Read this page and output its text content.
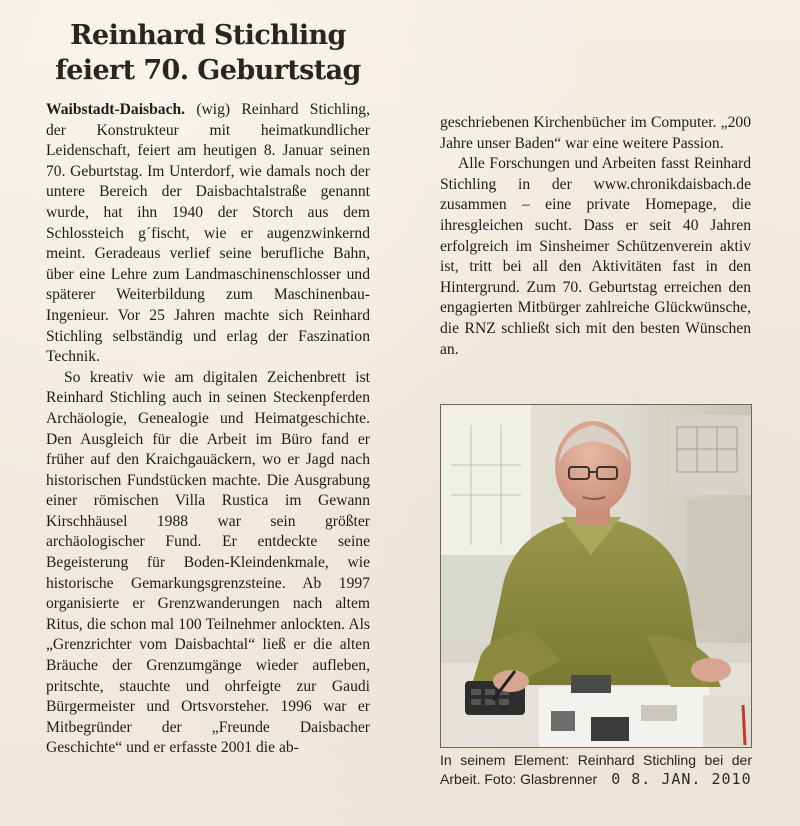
Reinhard Stichling
feiert 70. Geburtstag

Waibstadt-Daisbach. (wig) Reinhard Stichling, der Konstrukteur mit heimatkundlicher Leidenschaft, feiert am heutigen 8. Januar seinen 70. Geburtstag. Im Unterdorf, wie damals noch der untere Bereich der Daisbachtalstraße genannt wurde, hat ihn 1940 der Storch aus dem Schlossteich g´fischt, wie er augenzwinkernd meint. Geradeaus verlief seine berufliche Bahn, über eine Lehre zum Landmaschinenschlosser und späterer Weiterbildung zum Maschinenbau-Ingenieur. Vor 25 Jahren machte sich Reinhard Stichling selbständig und erlag der Faszination Technik.

So kreativ wie am digitalen Zeichenbrett ist Reinhard Stichling auch in seinen Steckenpferden Archäologie, Genealogie und Heimatgeschichte. Den Ausgleich für die Arbeit im Büro fand er früher auf den Kraichgauäckern, wo er Jagd nach historischen Fundstücken machte. Die Ausgrabung einer römischen Villa Rustica im Gewann Kirschhäusel 1988 war sein größter archäologischer Fund. Er entdeckte seine Begeisterung für Boden-Kleindenkmale, wie historische Gemarkungsgrenzsteine. Ab 1997 organisierte er Grenzwanderungen nach altem Ritus, die schon mal 100 Teilnehmer anlockten. Als „Grenzrichter vom Daisbachtal“ ließ er die alten Bräuche der Grenzumgänge wieder aufleben, pritschte, stauchte und ohrfeigte zur Gaudi Bürgermeister und Ortsvorsteher. 1996 war er Mitbegründer der „Freunde Daisbacher Geschichte“ und er erfasste 2001 die ab-

geschriebenen Kirchenbücher im Computer. „200 Jahre unser Baden“ war eine weitere Passion.

Alle Forschungen und Arbeiten fasst Reinhard Stichling in der www.chronikdaisbach.de zusammen – eine private Homepage, die ihresgleichen sucht. Dass er seit 40 Jahren erfolgreich im Sinsheimer Schützenverein aktiv ist, tritt bei all den Aktivitäten fast in den Hintergrund. Zum 70. Geburtstag erreichen den engagierten Mitbürger zahlreiche Glückwünsche, die RNZ schließt sich mit den besten Wünschen an.

In seinem Element: Reinhard Stichling bei der Arbeit. Foto: Glasbrenner 0 8. JAN. 2010
